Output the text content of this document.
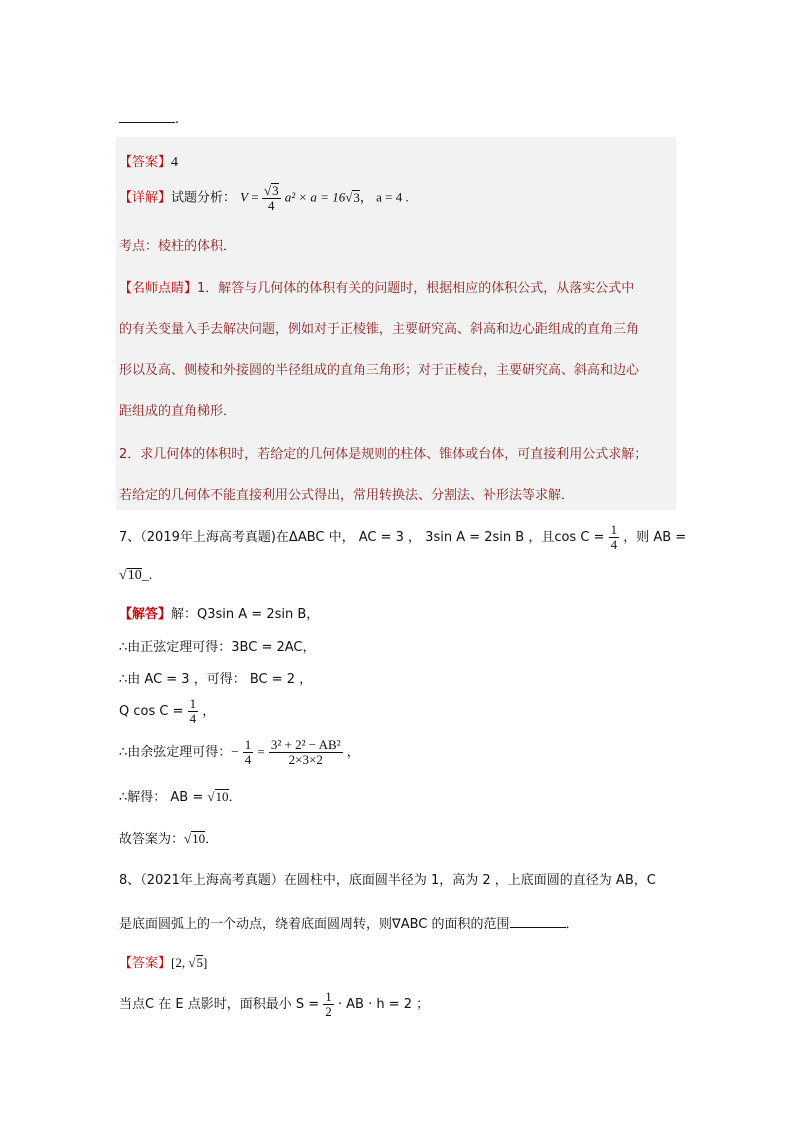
.
【答案】4
【详解】试题分析： $V = \frac{√3}{4} a^2 \times a = 16√3$， a = 4 .
考点：棱柱的体积．
【名师点睛】1．解答与几何体的体积有关的问题时，根据相应的体积公式，从落实公式中
的有关变量入手去解决问题，例如对于正棱锥，主要研究高、斜高和边心距组成的直角三角
形以及高、侧棱和外接圆的半径组成的直角三角形；对于正棱台，主要研究高、斜高和边心
距组成的直角梯形．
2．求几何体的体积时，若给定的几何体是规则的柱体、锥体或台体，可直接利用公式求解；
若给定的几何体不能直接利用公式得出，常用转换法、分割法、补形法等求解．
7、（2019年上海高考真题)在ΔABC 中， AC = 3 ， 3sin A = 2sin B ，且$\cos C = \frac{1}{4}$ ，则 AB =
√10_.
【解答】解：Q3sin A = 2sin B，
∴由正弦定理可得：3BC = 2AC，
∴由 AC = 3 ，可得： BC = 2 ，
Q $\cos C = \frac{1}{4}$ ，
∴由余弦定理可得：− $\frac{1}{4} = \frac{\text{3² + 2² − AB²}}{2\times 3\times 2}$ ，
∴解得： AB = √10．
故答案为：√10．
8、（2021年上海高考真题）在圆柱中，底面圆半径为 1，高为 2 ，上底面圆的直径为 AB，C
是底面圆弧上的一个动点，绕着底面圆周转，则∇ABC 的面积的范围	．
【答案】[2, √5]
当点C 在 E 点影时，面积最小 $S = \frac{1}{2}$ · AB · h = 2 ；
